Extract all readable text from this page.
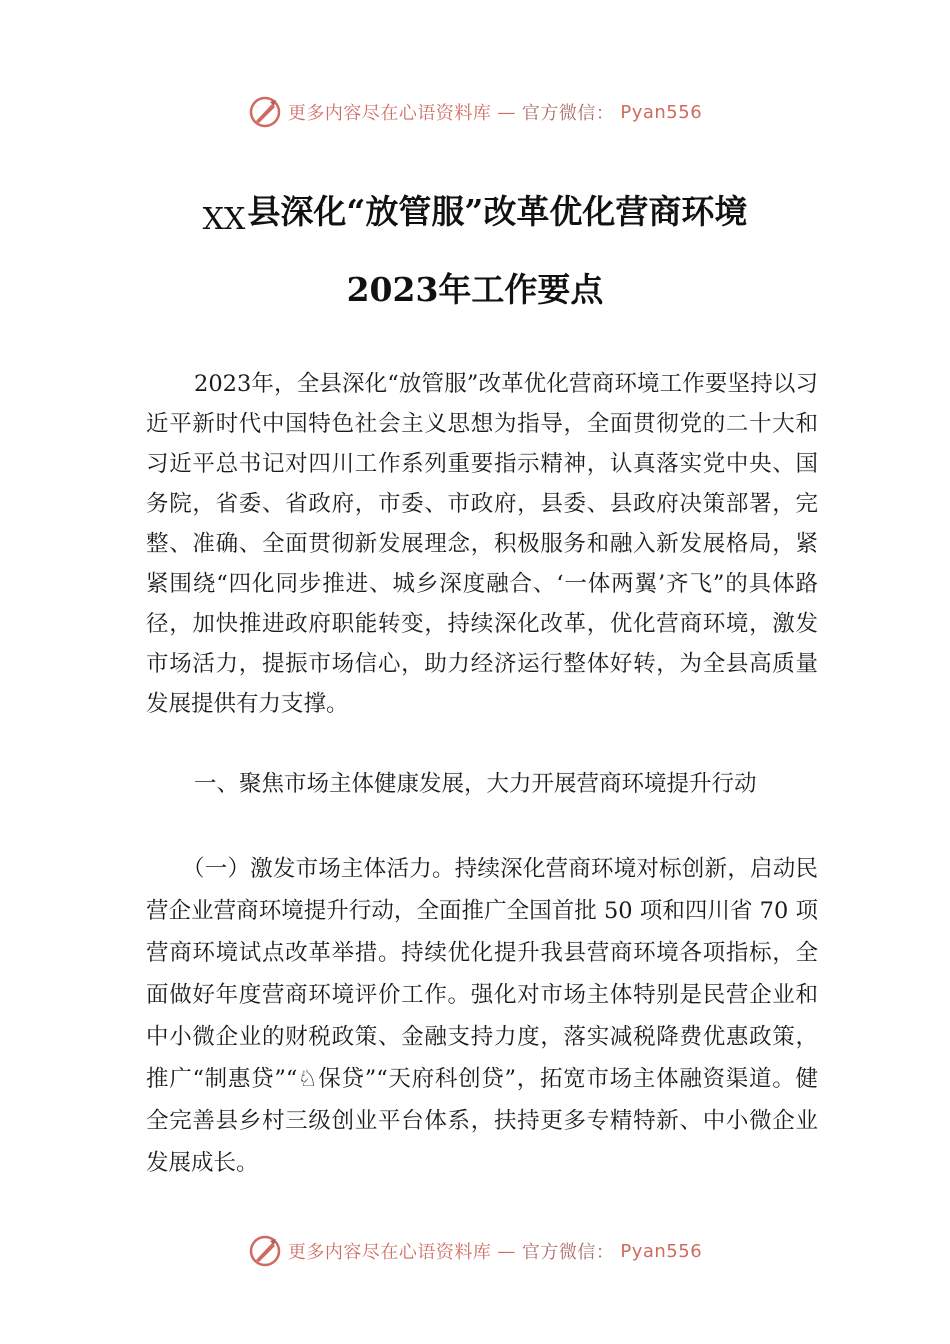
更多内容尽在心语资料库 — 官方微信： Pyan556
XX县深化“放管服”改革优化营商环境
2023年工作要点
2023年，全县深化“放管服”改革优化营商环境工作要坚持以习近平新时代中国特色社会主义思想为指导，全面贯彻党的二十大和习近平总书记对四川工作系列重要指示精神，认真落实党中央、国务院，省委、省政府，市委、市政府，县委、县政府决策部署，完整、准确、全面贯彻新发展理念，积极服务和融入新发展格局，紧紧围绕“四化同步推进、城乡深度融合、‘一体两翼’齐飞”的具体路径，加快推进政府职能转变，持续深化改革，优化营商环境，激发市场活力，提振市场信心，助力经济运行整体好转，为全县高质量发展提供有力支撑。
一、聚焦市场主体健康发展，大力开展营商环境提升行动
（一）激发市场主体活力。持续深化营商环境对标创新，启动民营企业营商环境提升行动，全面推广全国首批 50 项和四川省 70 项营商环境试点改革举措。持续优化提升我县营商环境各项指标，全面做好年度营商环境评价工作。强化对市场主体特别是民营企业和中小微企业的财税政策、金融支持力度，落实减税降费优惠政策，推广“制惠贷”“♘保贷”“天府科创贷”，拓宽市场主体融资渠道。健全完善县乡村三级创业平台体系，扶持更多专精特新、中小微企业发展成长。
更多内容尽在心语资料库 — 官方微信： Pyan556
